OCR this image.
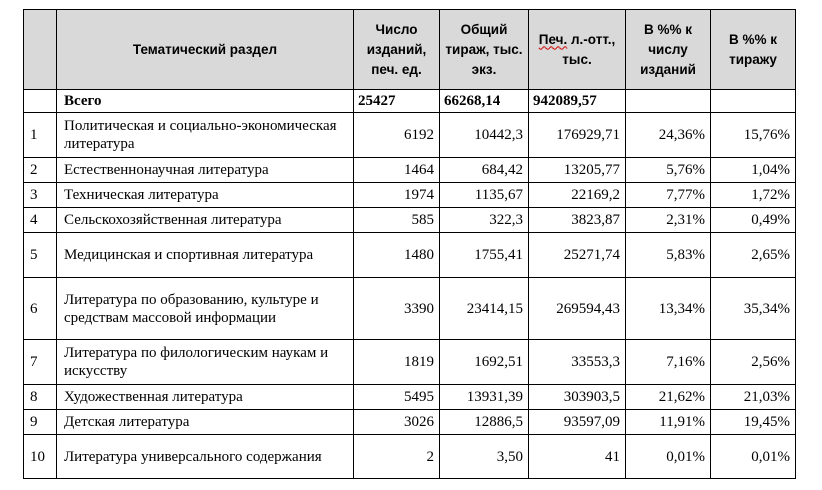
	Тематический раздел	Число изданий, печ. ед.	Общий тираж, тыс. экз.	Печ. л.-отт., тыс.	В %% к числу изданий	В %% к тиражу
	Всего	25427	66268,14	942089,57		
1	Политическая и социально-экономическая литература	6192	10442,3	176929,71	24,36%	15,76%
2	Естественнонаучная литература	1464	684,42	13205,77	5,76%	1,04%
3	Техническая литература	1974	1135,67	22169,2	7,77%	1,72%
4	Сельскохозяйственная литература	585	322,3	3823,87	2,31%	0,49%
5	Медицинская и спортивная литература	1480	1755,41	25271,74	5,83%	2,65%
6	Литература по образованию, культуре и средствам массовой информации	3390	23414,15	269594,43	13,34%	35,34%
7	Литература по филологическим наукам и искусству	1819	1692,51	33553,3	7,16%	2,56%
8	Художественная литература	5495	13931,39	303903,5	21,62%	21,03%
9	Детская литература	3026	12886,5	93597,09	11,91%	19,45%
10	Литература универсального содержания	2	3,50	41	0,01%	0,01%
